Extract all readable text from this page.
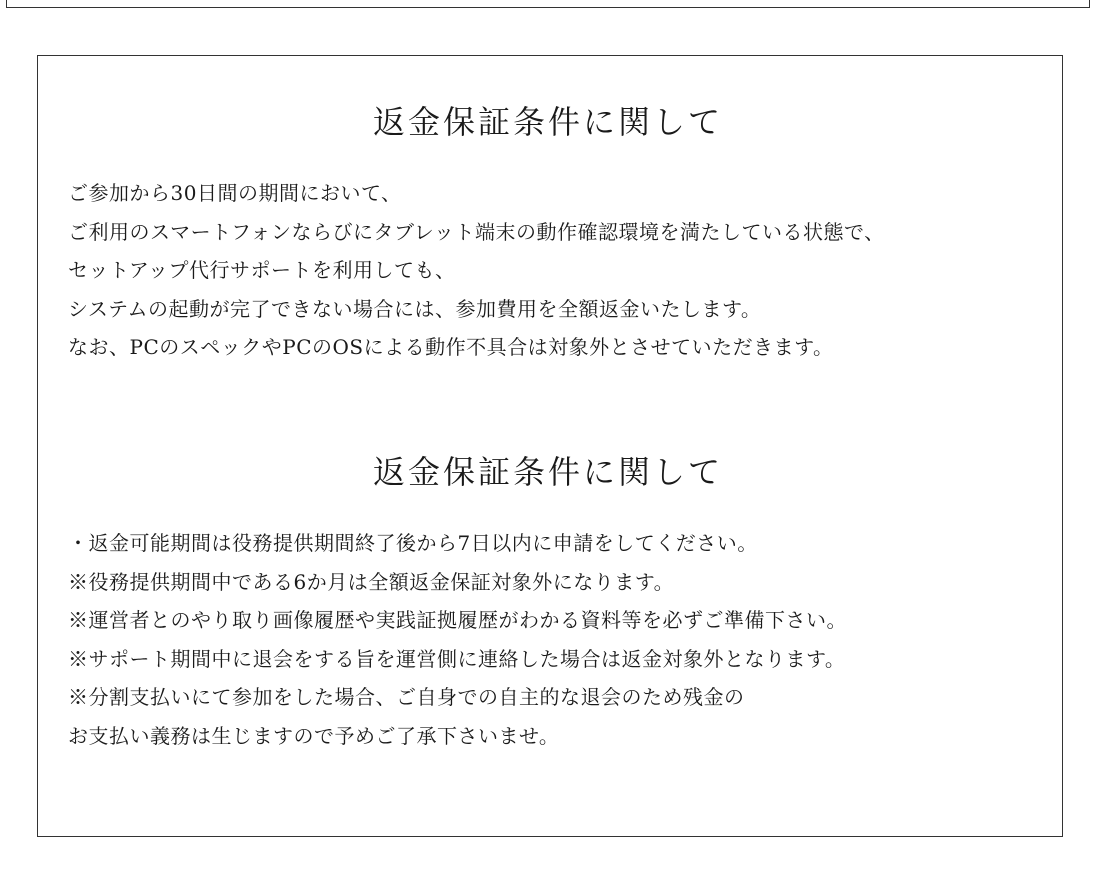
返金保証条件に関して
ご参加から30日間の期間において、
ご利用のスマートフォンならびにタブレット端末の動作確認環境を満たしている状態で、
セットアップ代行サポートを利用しても、
システムの起動が完了できない場合には、参加費用を全額返金いたします。
なお、PCのスペックやPCのOSによる動作不具合は対象外とさせていただきます。
返金保証条件に関して
・返金可能期間は役務提供期間終了後から7日以内に申請をしてください。
※役務提供期間中である6か月は全額返金保証対象外になります。
※運営者とのやり取り画像履歴や実践証拠履歴がわかる資料等を必ずご準備下さい。
※サポート期間中に退会をする旨を運営側に連絡した場合は返金対象外となります。
※分割支払いにて参加をした場合、ご自身での自主的な退会のため残金の
お支払い義務は生じますので予めご了承下さいませ。
